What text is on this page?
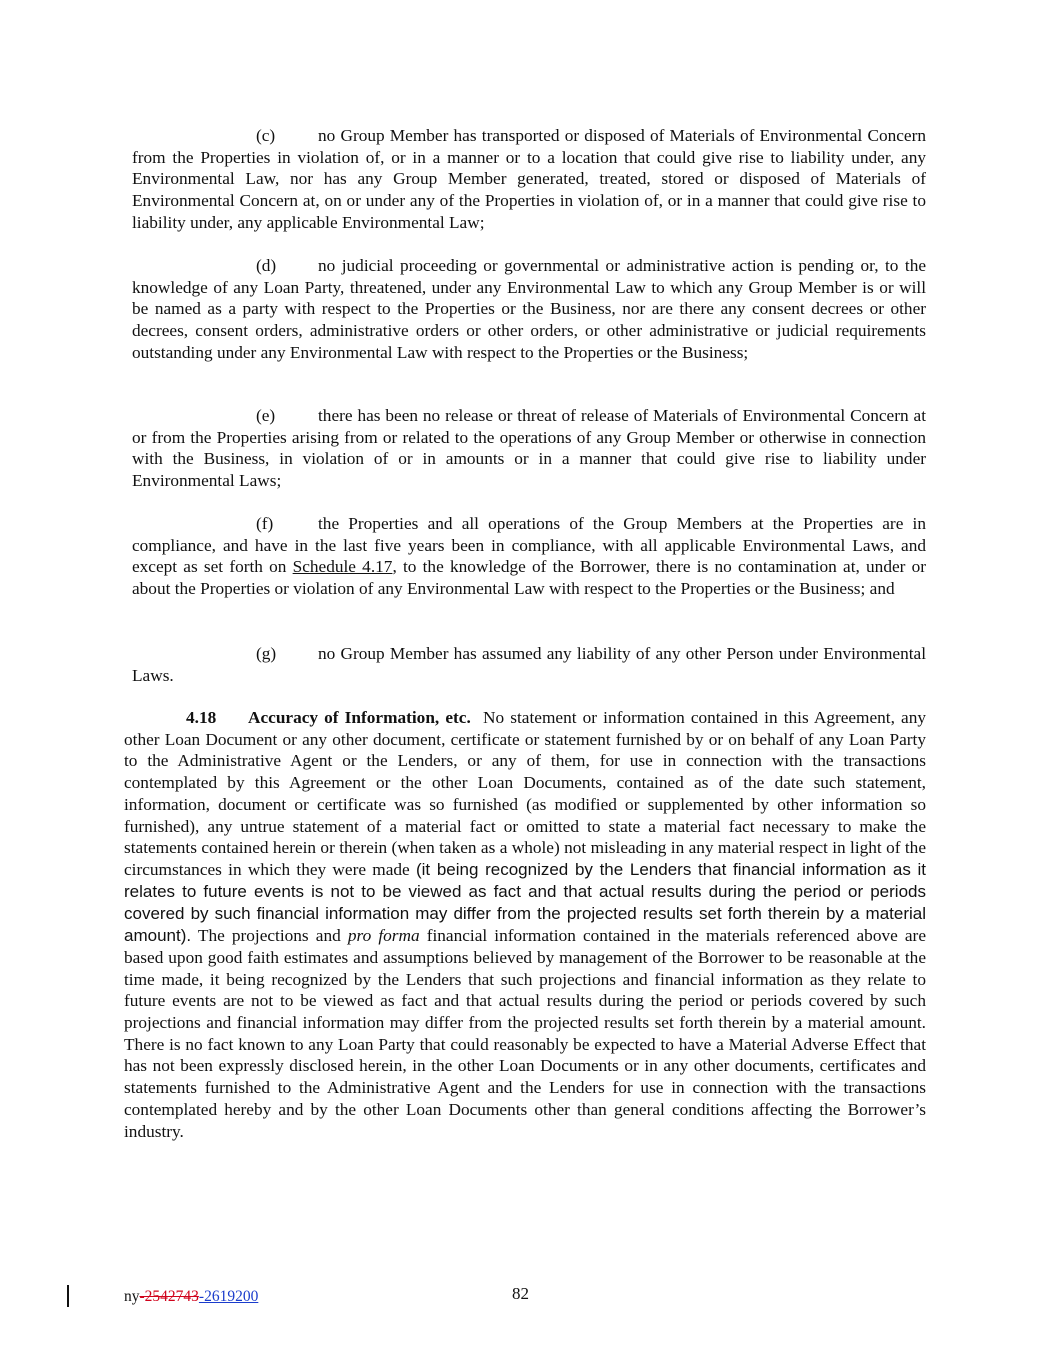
(c) no Group Member has transported or disposed of Materials of Environmental Concern from the Properties in violation of, or in a manner or to a location that could give rise to liability under, any Environmental Law, nor has any Group Member generated, treated, stored or disposed of Materials of Environmental Concern at, on or under any of the Properties in violation of, or in a manner that could give rise to liability under, any applicable Environmental Law;

(d) no judicial proceeding or governmental or administrative action is pending or, to the knowledge of any Loan Party, threatened, under any Environmental Law to which any Group Member is or will be named as a party with respect to the Properties or the Business, nor are there any consent decrees or other decrees, consent orders, administrative orders or other orders, or other administrative or judicial requirements outstanding under any Environmental Law with respect to the Properties or the Business;

(e) there has been no release or threat of release of Materials of Environmental Concern at or from the Properties arising from or related to the operations of any Group Member or otherwise in connection with the Business, in violation of or in amounts or in a manner that could give rise to liability under Environmental Laws;

(f)	the Properties and all operations of the Group Members at the Properties are in compliance, and have in the last five years been in compliance, with all applicable Environmental Laws, and except as set forth on Schedule 4.17, to the knowledge of the Borrower, there is no contamination at, under or about the Properties or violation of any Environmental Law with respect to the Properties or the Business; and

(g) no Group Member has assumed any liability of any other Person under Environmental Laws.

4.18 Accuracy of Information, etc. No statement or information contained in this Agreement, any other Loan Document or any other document, certificate or statement furnished by or on behalf of any Loan Party to the Administrative Agent or the Lenders, or any of them, for use in connection with the transactions contemplated by this Agreement or the other Loan Documents, contained as of the date such statement, information, document or certificate was so furnished (as modified or supplemented by other information so furnished), any untrue statement of a material fact or omitted to state a material fact necessary to make the statements contained herein or therein (when taken as a whole) not misleading in any material respect in light of the circumstances in which they were made (it being recognized by the Lenders that financial information as it relates to future events is not to be viewed as fact and that actual results during the period or periods covered by such financial information may differ from the projected results set forth therein by a material amount). The projections and pro forma financial information contained in the materials referenced above are based upon good faith estimates and assumptions believed by management of the Borrower to be reasonable at the time made, it being recognized by the Lenders that such projections and financial information as they relate to future events are not to be viewed as fact and that actual results during the period or periods covered by such projections and financial information may differ from the projected results set forth therein by a material amount. There is no fact known to any Loan Party that could reasonably be expected to have a Material Adverse Effect that has not been expressly disclosed herein, in the other Loan Documents or in any other documents, certificates and statements furnished to the Administrative Agent and the Lenders for use in connection with the transactions contemplated hereby and by the other Loan Documents other than general conditions affecting the Borrower’s industry.

ny-2542743-2619200	82
